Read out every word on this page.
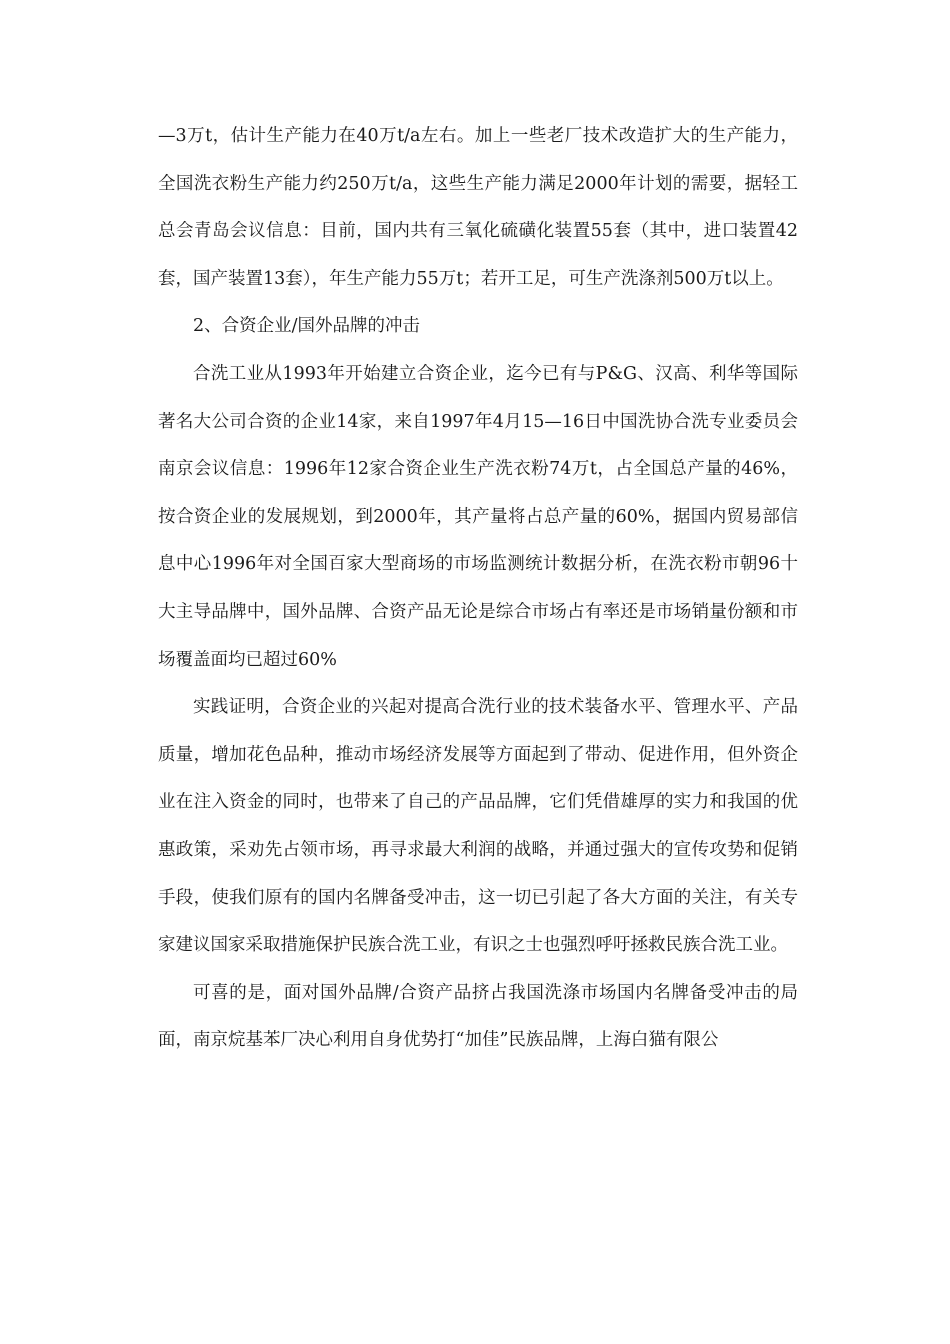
—3万t，估计生产能力在40万t/a左右。加上一些老厂技术改造扩大的生产能力，全国洗衣粉生产能力约250万t/a，这些生产能力满足2000年计划的需要，据轻工总会青岛会议信息：目前，国内共有三氧化硫磺化装置55套（其中，进口装置42套，国产装置13套），年生产能力55万t；若开工足，可生产洗涤剂500万t以上。

2、合资企业/国外品牌的冲击

合洗工业从1993年开始建立合资企业，迄今已有与P&G、汉高、利华等国际著名大公司合资的企业14家，来自1997年4月15—16日中国洗协合洗专业委员会南京会议信息：1996年12家合资企业生产洗衣粉74万t，占全国总产量的46%，按合资企业的发展规划，到2000年，其产量将占总产量的60%，据国内贸易部信息中心1996年对全国百家大型商场的市场监测统计数据分析，在洗衣粉市朝96十大主导品牌中，国外品牌、合资产品无论是综合市场占有率还是市场销量份额和市场覆盖面均已超过60%

实践证明，合资企业的兴起对提高合洗行业的技术装备水平、管理水平、产品质量，增加花色品种，推动市场经济发展等方面起到了带动、促进作用，但外资企业在注入资金的同时，也带来了自己的产品品牌，它们凭借雄厚的实力和我国的优惠政策，采劝先占领市场，再寻求最大利润的战略，并通过强大的宣传攻势和促销手段，使我们原有的国内名牌备受冲击，这一切已引起了各大方面的关注，有关专家建议国家采取措施保护民族合洗工业，有识之士也强烈呼吁拯救民族合洗工业。

可喜的是，面对国外品牌/合资产品挤占我国洗涤市场国内名牌备受冲击的局面，南京烷基苯厂决心利用自身优势打“加佳”民族品牌，上海白猫有限公
